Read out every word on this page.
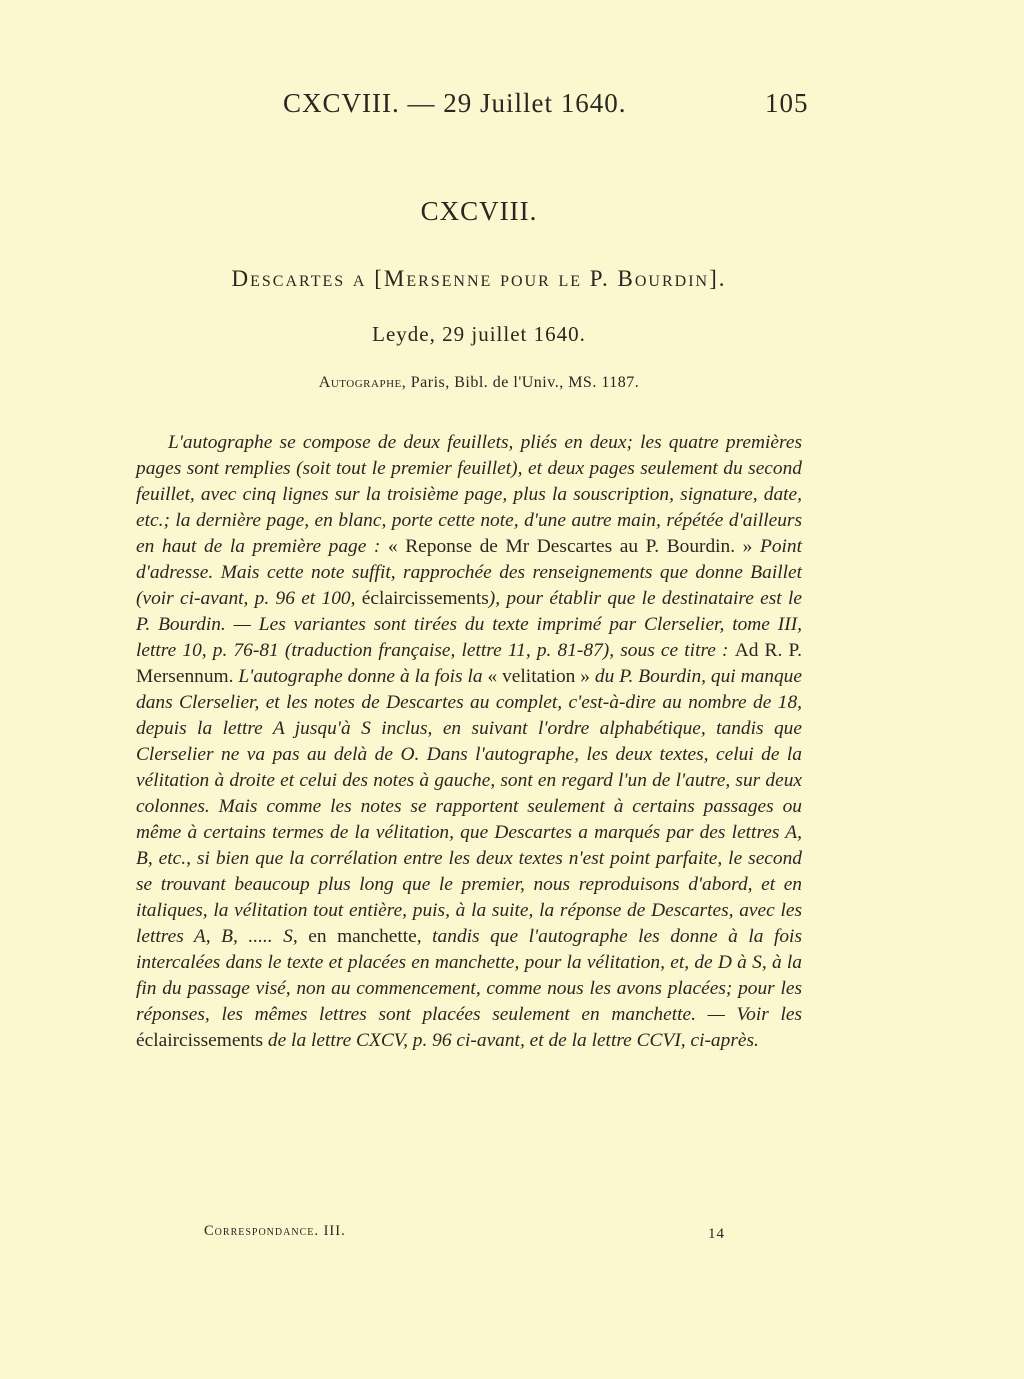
CXCVIII. — 29 Juillet 1640.	105
CXCVIII.
Descartes a [Mersenne pour le P. Bourdin].
Leyde, 29 juillet 1640.
Autographe, Paris, Bibl. de l'Univ., MS. 1187.
L'autographe se compose de deux feuillets, pliés en deux; les quatre premières pages sont remplies (soit tout le premier feuillet), et deux pages seulement du second feuillet, avec cinq lignes sur la troisième page, plus la souscription, signature, date, etc.; la dernière page, en blanc, porte cette note, d'une autre main, répétée d'ailleurs en haut de la première page : « Reponse de Mr Descartes au P. Bourdin. » Point d'adresse. Mais cette note suffit, rapprochée des renseignements que donne Baillet (voir ci-avant, p. 96 et 100, éclaircissements), pour établir que le destinataire est le P. Bourdin. — Les variantes sont tirées du texte imprimé par Clerselier, tome III, lettre 10, p. 76-81 (traduction française, lettre 11, p. 81-87), sous ce titre : Ad R. P. Mersennum. L'autographe donne à la fois la « velitation » du P. Bourdin, qui manque dans Clerselier, et les notes de Descartes au complet, c'est-à-dire au nombre de 18, depuis la lettre A jusqu'à S inclus, en suivant l'ordre alphabétique, tandis que Clerselier ne va pas au delà de O. Dans l'autographe, les deux textes, celui de la vélitation à droite et celui des notes à gauche, sont en regard l'un de l'autre, sur deux colonnes. Mais comme les notes se rapportent seulement à certains passages ou même à certains termes de la vélitation, que Descartes a marqués par des lettres A, B, etc., si bien que la corrélation entre les deux textes n'est point parfaite, le second se trouvant beaucoup plus long que le premier, nous reproduisons d'abord, et en italiques, la vélitation tout entière, puis, à la suite, la réponse de Descartes, avec les lettres A, B, ..... S, en manchette, tandis que l'autographe les donne à la fois intercalées dans le texte et placées en manchette, pour la vélitation, et, de D à S, à la fin du passage visé, non au commencement, comme nous les avons placées; pour les réponses, les mêmes lettres sont placées seulement en manchette. — Voir les éclaircissements de la lettre CXCV, p. 96 ci-avant, et de la lettre CCVI, ci-après.
Correspondance. III.	14
